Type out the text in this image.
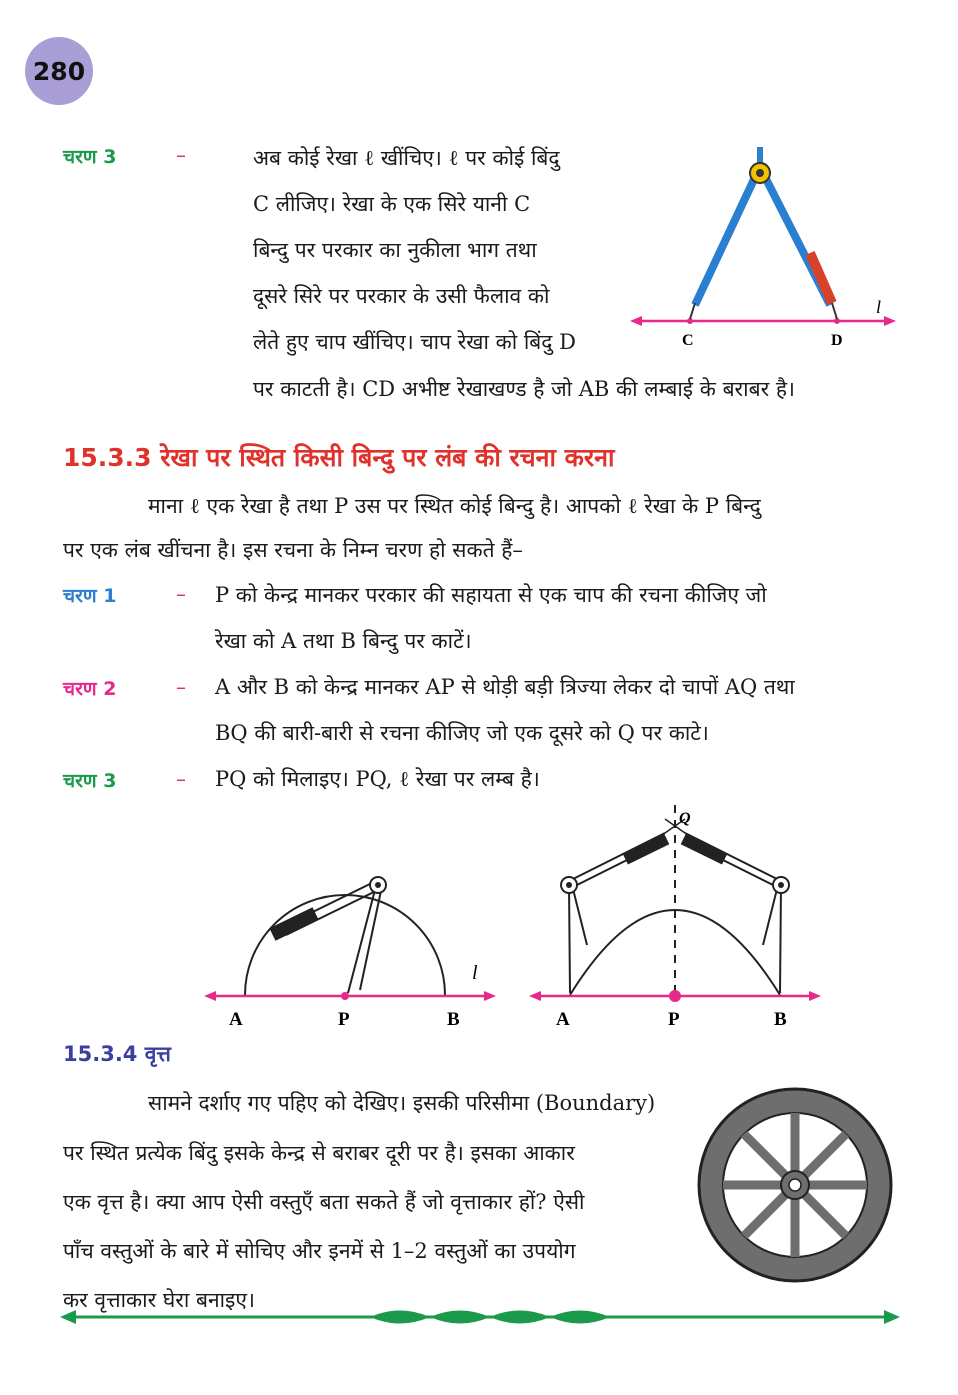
280
चरण 3	–	अब कोई रेखा ℓ खींचिए। ℓ पर कोई बिंदु
C लीजिए। रेखा के एक सिरे यानी C
बिन्दु पर परकार का नुकीला भाग तथा
दूसरे सिरे पर परकार के उसी फैलाव को
लेते हुए चाप खींचिए। चाप रेखा को बिंदु D
पर काटती है। CD अभीष्ट रेखाखण्ड है जो AB की लम्बाई के बराबर है।
l
C	D
15.3.3 रेखा पर स्थित किसी बिन्दु पर लंब की रचना करना
माना ℓ एक रेखा है तथा P उस पर स्थित कोई बिन्दु है। आपको ℓ रेखा के P बिन्दु
पर एक लंब खींचना है। इस रचना के निम्न चरण हो सकते हैं–
चरण 1	– P को केन्द्र मानकर परकार की सहायता से एक चाप की रचना कीजिए जो
रेखा को A तथा B बिन्दु पर काटें।
चरण 2	– A और B को केन्द्र मानकर AP से थोड़ी बड़ी त्रिज्या लेकर दो चापों AQ तथा
BQ की बारी-बारी से रचना कीजिए जो एक दूसरे को Q पर काटे।
चरण 3	– PQ को मिलाइए। PQ, ℓ रेखा पर लम्ब है।
l
A	P	B
Q
A	P	B
15.3.4 वृत्त
सामने दर्शाए गए पहिए को देखिए। इसकी परिसीमा (Boundary)
पर स्थित प्रत्येक बिंदु इसके केन्द्र से बराबर दूरी पर है। इसका आकार
एक वृत्त है। क्या आप ऐसी वस्तुएँ बता सकते हैं जो वृत्ताकार हों? ऐसी
पाँच वस्तुओं के बारे में सोचिए और इनमें से 1–2 वस्तुओं का उपयोग
कर वृत्ताकार घेरा बनाइए।
